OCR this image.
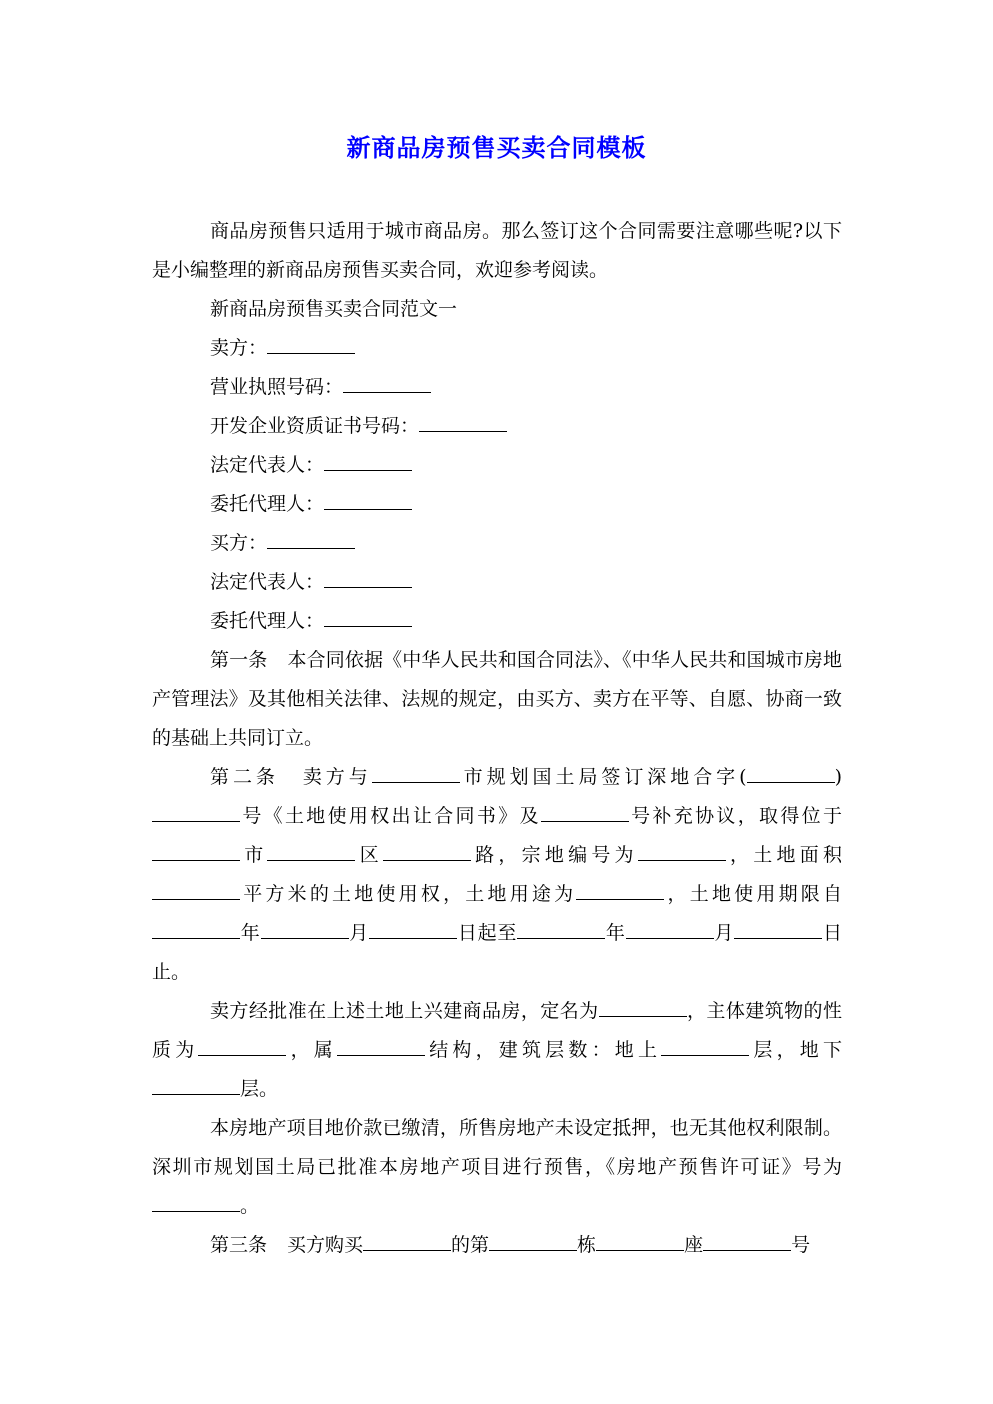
新商品房预售买卖合同模板

商品房预售只适用于城市商品房。那么签订这个合同需要注意哪些呢?以下是小编整理的新商品房预售买卖合同，欢迎参考阅读。

新商品房预售买卖合同范文一

卖方：

营业执照号码：

开发企业资质证书号码：

法定代表人：

委托代理人：

买方：

法定代表人：

委托代理人：

第一条 本合同依据《中华人民共和国合同法》、《中华人民共和国城市房地产管理法》及其他相关法律、法规的规定，由买方、卖方在平等、自愿、协商一致的基础上共同订立。

第二条 卖方与	市规划国土局签订深地合字(	)号《土地使用权出让合同书》及	号补充协议，取得位于市	区	路，宗地编号为	，土地面积平方米的土地使用权，土地用途为	，土地使用期限自年	月	日起至	年	月	日止。

卖方经批准在上述土地上兴建商品房，定名为	，主体建筑物的性质为	，属	结构，建筑层数：地上	层，地下层。

本房地产项目地价款已缴清，所售房地产未设定抵押，也无其他权利限制。深圳市规划国土局已批准本房地产项目进行预售，《房地产预售许可证》号为。

第三条 买方购买	的第	栋	座	号
